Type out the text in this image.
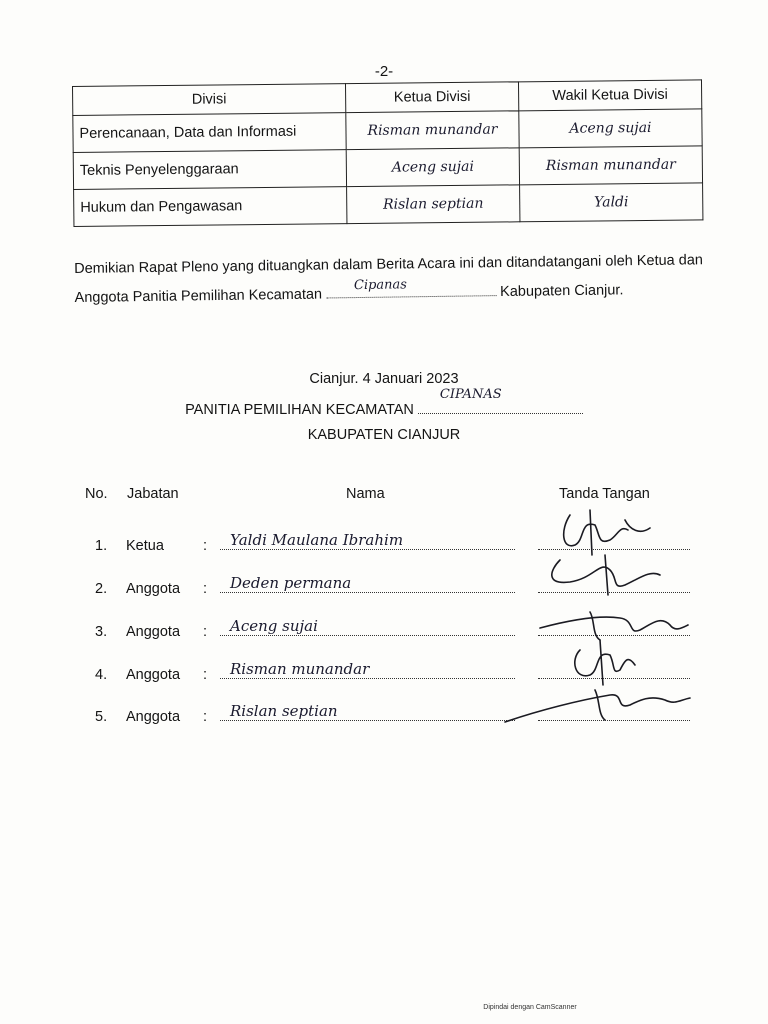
-2-
Divisi	Ketua Divisi	Wakil Ketua Divisi
Perencanaan, Data dan Informasi	Risman munandar	Aceng sujai
Teknis Penyelenggaraan	Aceng sujai	Risman munandar
Hukum dan Pengawasan	Rislan septian	Yaldi
Demikian Rapat Pleno yang dituangkan dalam Berita Acara ini dan ditandatangani oleh Ketua dan Anggota Panitia Pemilihan Kecamatan
Cipanas	Kabupaten Cianjur.
Cianjur. 4 Januari 2023
PANITIA PEMILIHAN KECAMATAN
CIPANAS
KABUPATEN CIANJUR
No. Jabatan	Nama	Tanda Tangan
1. Ketua	: Yaldi Maulana Ibrahim
2. Anggota : Deden permana
3. Anggota : Aceng sujai
4. Anggota : Risman munandar
5. Anggota : Rislan septian
Dipindai dengan CamScanner
